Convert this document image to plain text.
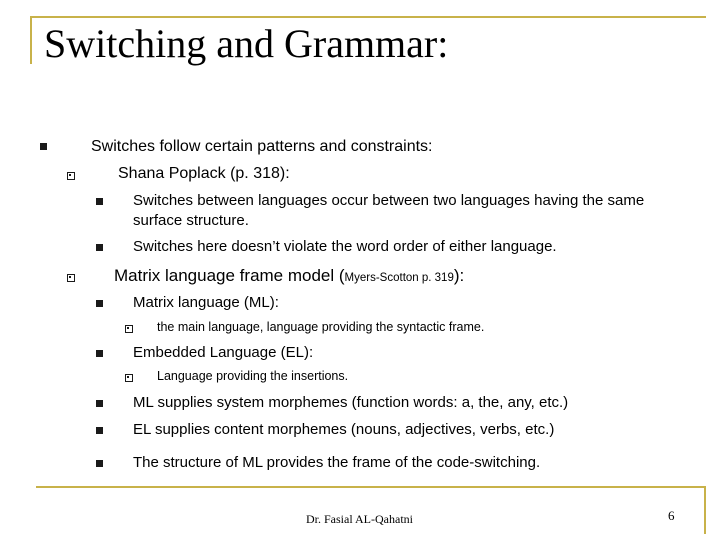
Switching and Grammar:
Switches follow certain patterns and constraints:
Shana Poplack (p. 318):
Switches between languages occur between two languages having the same
surface structure.
Switches here doesn’t violate the word order of either language.
Matrix language frame model (Myers-Scotton p. 319):
Matrix language (ML):
the main language, language providing the syntactic frame.
Embedded Language (EL):
Language providing the insertions.
ML supplies system morphemes (function words: a, the, any, etc.)
EL supplies content morphemes (nouns, adjectives, verbs, etc.)
The structure of ML provides the frame of the code-switching.
Dr. Fasial AL-Qahatni	6
